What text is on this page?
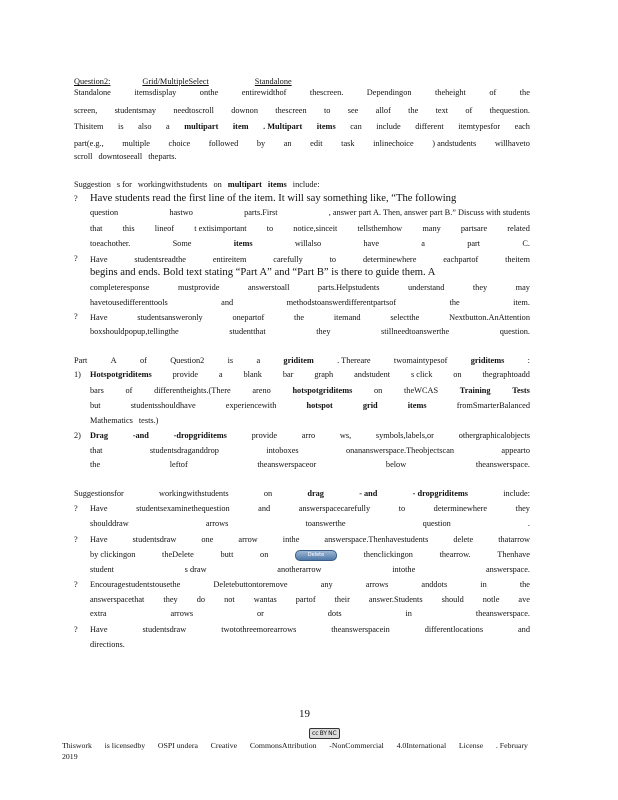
Question2:	Grid/MultipleSelect	Standalone
Standalone	itemsdisplay	onthe	entirewidthof	thescreen.	Dependingon	theheight	of	the
screen, studentsmay needtoscroll downon thescreen to see allof the text of thequestion.
Thisitem is also a multipart item . Multipart items can include different itemtypesfor each
part(e.g., multiple choice followed by an edit task inlinechoice ) andstudents willhaveto
scroll downtoseeall theparts.
Suggestion s for workingwithstudents on multipart items include:
? Have students read the first line of the item. It will say something like, “The following
question	hastwo	parts.First	, answer part A. Then, answer part B.” Discuss with students
that this lineof t extisimportant to notice,sinceit tellsthemhow many partsare related
toeachother.	Some	items	willalso	have	a	part	C.
? Have	studentsreadthe	entireitem	carefully	to	determinewhere	eachpartof	theitem
begins and ends. Bold text stating “Part A” and “Part B” is there to guide them. A
completeresponse	mustprovide	answerstoall	parts.Helpstudents	understand	they	may
havetousedifferenttools	and	methodstoanswerdifferentpartsof	the	item.
? Have	studentsansweronly	onepartof	the	itemand	selectthe	Nextbutton.AnAttention
boxshouldpopup,tellingthe	studentthat	they	stillneedtoanswerthe	question.
Part	A	of	Question2	is	a	griditem	. Thereare	twomaintypesof	griditems	:
1) Hotspotgriditems	provide	a	blank	bar	graph	andstudent	s click	on	thegraphtoadd
bars	of	differentheights.(There	areno	hotspotgriditems	on	theWCAS	Training	Tests
but	studentsshouldhave	experiencewith	hotspot	grid	items	fromSmarterBalanced
Mathematics tests.)
2) Drag	-and	-dropgriditems	provide	arro	ws,	symbols,labels,or	othergraphicalobjects
that	studentsdraganddrop	intoboxes	onananswerspace.Theobjectscan	appearto
the	leftof	theanswerspaceor	below	theanswerspace.
Suggestionsfor	workingwithstudents	on	drag	- and	- dropgriditems	include:
? Have	studentsexaminethequestion	and	answerspacecarefully	to	determinewhere	they
shoulddraw	arrows	toanswerthe	question	.
? Have	studentsdraw	one	arrow	inthe	answerspace.Thenhavestudents	delete	thatarrow
by clickingon	theDelete	butt	on	Delete	thenclickingon	thearrow.	Thenhave
student	s draw	anotherarrow	intothe	answerspace.
? Encouragestudentstousethe	Deletebuttontoremove	any	arrows	anddots	in	the
answerspacethat they do not wantas partof their answer.Students should notle ave
extra	arrows	or	dots	in	theanswerspace.
? Have	studentsdraw	twotothreemorearrows	theanswerspacein	differentlocations	and
directions.
19
cc BY NC
Thiswork is licensedby OSPI undera Creative CommonsAttribution -NonCommercial 4.0International License . February
2019
